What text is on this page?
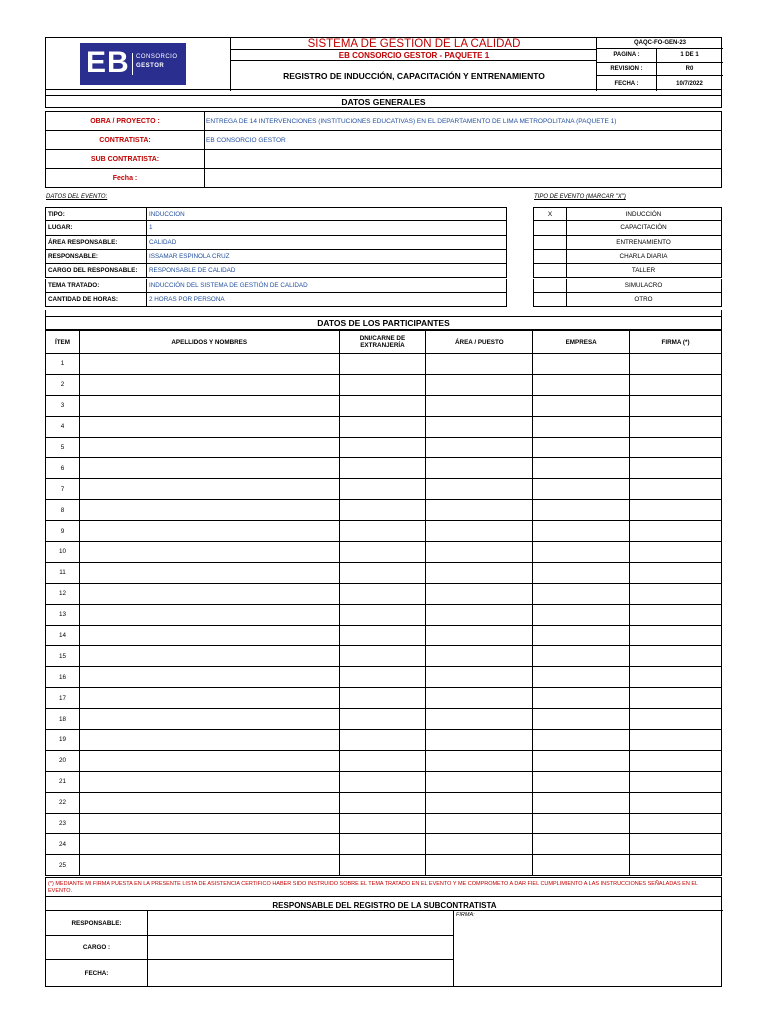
EB CONSORCIO
GESTOR
SISTEMA DE GESTION DE LA CALIDAD
EB CONSORCIO GESTOR - PAQUETE 1
REGISTRO DE INDUCCIÓN, CAPACITACIÓN Y ENTRENAMIENTO
QAQC-FO-GEN-23
PAGINA :	1 DE 1
REVISION :	R0
FECHA :	10/7/2022
DATOS GENERALES
OBRA / PROYECTO :	ENTREGA DE 14 INTERVENCIONES (INSTITUCIONES EDUCATIVAS) EN EL DEPARTAMENTO DE LIMA METROPOLITANA (PAQUETE 1)
CONTRATISTA:	EB CONSORCIO GESTOR
SUB CONTRATISTA:
Fecha :
DATOS DEL EVENTO:	TIPO DE EVENTO (MARCAR "X")
TIPO:	INDUCCION
LUGAR:	1
ÁREA RESPONSABLE:	CALIDAD
RESPONSABLE:	ISSAMAR ESPINOLA CRUZ
CARGO DEL RESPONSABLE:	RESPONSABLE DE CALIDAD
TEMA TRATADO:	INDUCCIÓN DEL SISTEMA DE GESTIÓN DE CALIDAD
CANTIDAD DE HORAS:	2 HORAS POR PERSONA
X	INDUCCIÓN
CAPACITACIÓN
ENTRENAMIENTO
CHARLA DIARIA
TALLER
SIMULACRO
OTRO
DATOS DE LOS PARTICIPANTES
ÍTEM	APELLIDOS Y NOMBRES	DNI/CARNE DE EXTRANJERÍA	ÁREA / PUESTO	EMPRESA	FIRMA (*)
1					
2					
3					
4					
5					
6					
7					
8					
9					
10					
11					
12					
13					
14					
15					
16					
17					
18					
19					
20					
21					
22					
23					
24					
25					
(*) MEDIANTE MI FIRMA PUESTA EN LA PRESENTE LISTA DE ASISTENCIA CERTIFICO HABER SIDO INSTRUIDO SOBRE EL TEMA TRATADO EN EL EVENTO Y ME COMPROMETO A DAR FIEL CUMPLIMIENTO A LAS INSTRUCCIONES SEÑALADAS EN EL EVENTO.
RESPONSABLE DEL REGISTRO DE LA SUBCONTRATISTA
RESPONSABLE:
CARGO :
FECHA:
FIRMA:
